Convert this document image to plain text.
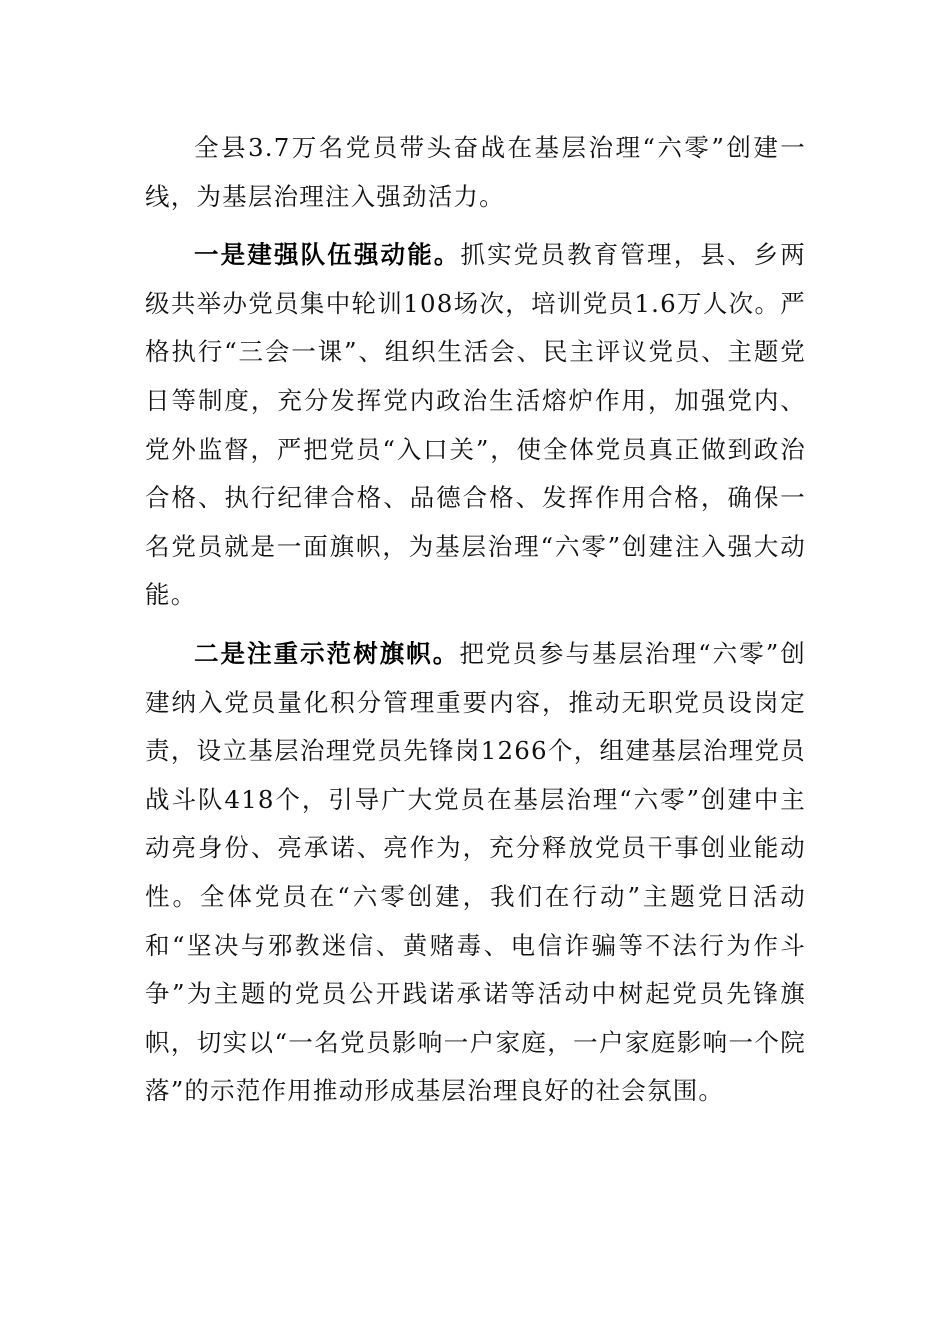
全县3.7万名党员带头奋战在基层治理“六零”创建一线，为基层治理注入强劲活力。

一是建强队伍强动能。抓实党员教育管理，县、乡两级共举办党员集中轮训108场次，培训党员1.6万人次。严格执行“三会一课”、组织生活会、民主评议党员、主题党日等制度，充分发挥党内政治生活熔炉作用，加强党内、党外监督，严把党员“入口关”，使全体党员真正做到政治合格、执行纪律合格、品德合格、发挥作用合格，确保一名党员就是一面旗帜，为基层治理“六零”创建注入强大动能。

二是注重示范树旗帜。把党员参与基层治理“六零”创建纳入党员量化积分管理重要内容，推动无职党员设岗定责，设立基层治理党员先锋岗1266个，组建基层治理党员战斗队418个，引导广大党员在基层治理“六零”创建中主动亮身份、亮承诺、亮作为，充分释放党员干事创业能动性。全体党员在“六零创建，我们在行动”主题党日活动和“坚决与邪教迷信、黄赌毒、电信诈骗等不法行为作斗争”为主题的党员公开践诺承诺等活动中树起党员先锋旗帜，切实以“一名党员影响一户家庭，一户家庭影响一个院落”的示范作用推动形成基层治理良好的社会氛围。
